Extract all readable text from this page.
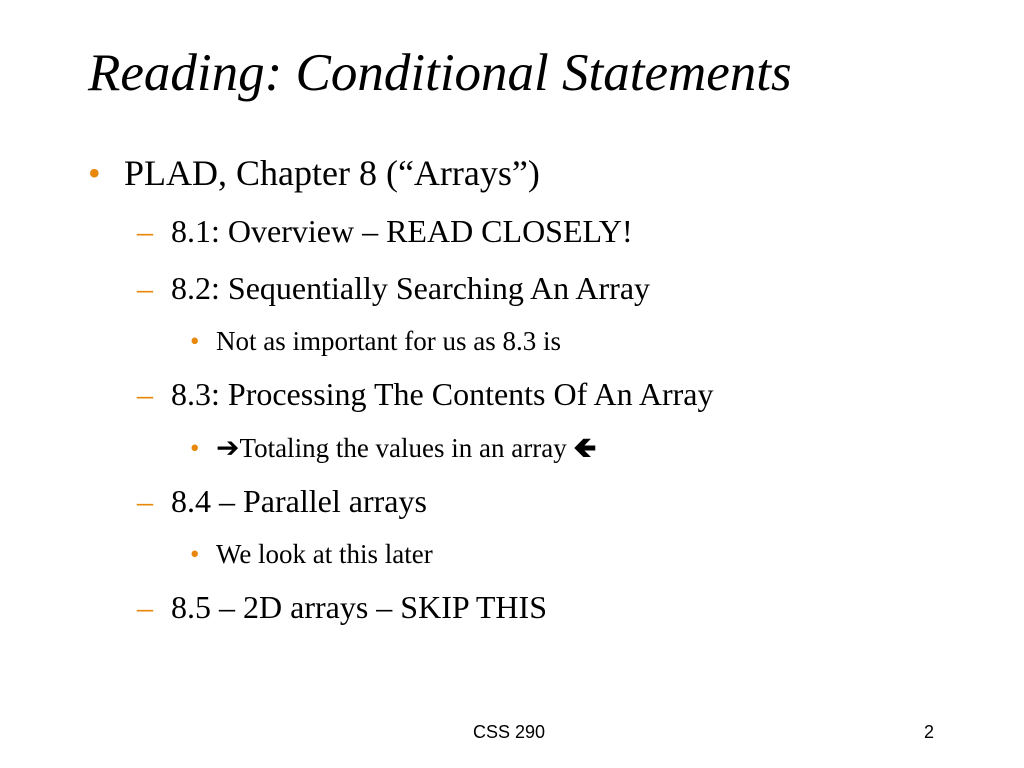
Reading: Conditional Statements
• PLAD, Chapter 8 (“Arrays”)
– 8.1: Overview – READ CLOSELY!
– 8.2: Sequentially Searching An Array
• Not as important for us as 8.3 is
– 8.3: Processing The Contents Of An Array
• ➔Totaling the values in an array 🡸
– 8.4 – Parallel arrays
• We look at this later
– 8.5 – 2D arrays – SKIP THIS
CSS 290	2
